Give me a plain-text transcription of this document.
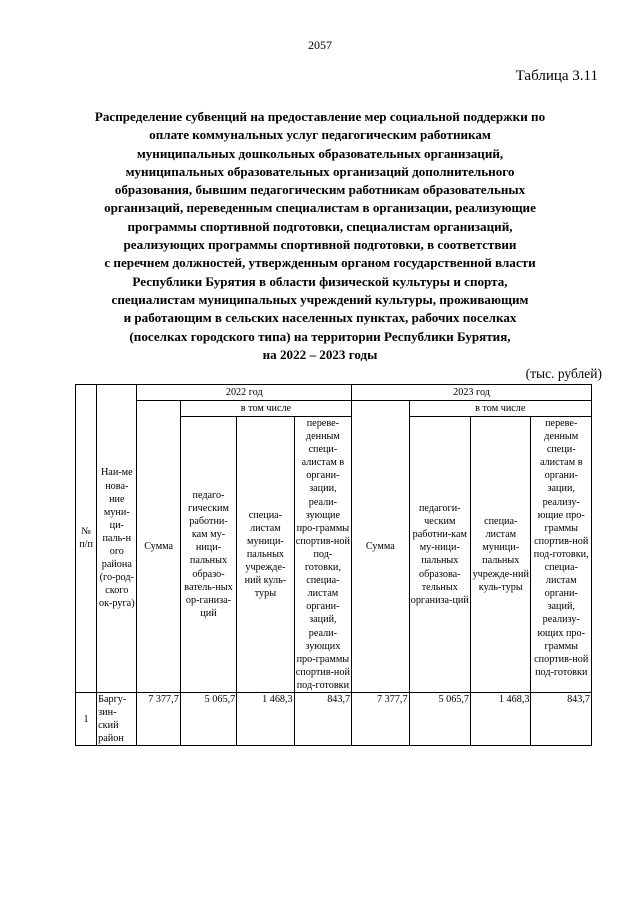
2057
Таблица 3.11
Распределение субвенций на предоставление мер социальной поддержки по
оплате коммунальных услуг педагогическим работникам
муниципальных дошкольных образовательных организаций,
муниципальных образовательных организаций дополнительного
образования, бывшим педагогическим работникам образовательных
организаций, переведенным специалистам в организации, реализующие
программы спортивной подготовки, специалистам организаций,
реализующих программы спортивной подготовки, в соответствии
с перечнем должностей, утвержденным органом государственной власти
Республики Бурятия в области физической культуры и спорта,
специалистам муниципальных учреждений культуры, проживающим
и работающим в сельских населенных пунктах, рабочих поселках
(поселках городского типа) на территории Республики Бурятия,
на 2022 – 2023 годы
(тыс. рублей)
№ п/п	Наи-ме нова-ние муни-ци-паль-н ого района (го-род-ского ок-руга)	2022 год				2023 год			
		Сумма	в том числе			Сумма	в том числе		
			педаго-гическим работни-кам му-ници-пальных образо-ватель-ных ор-ганиза-ций	специа-листам муници-пальных учрежде-ний куль-туры	переве-денным специ-алистам в органи-зации, реали-зующие про-граммы спортив-ной под-готовки, специа-листам органи-заций, реали-зующих про-граммы спортив-ной под-готовки		педагоги-ческим работни-кам му-ници-пальных образова-тельных организа-ций	специа-листам муници-пальных учрежде-ний куль-туры	переве-денным специ-алистам в органи-зации, реализу-ющие про-граммы спортив-ной под-готовки, специа-листам органи-заций, реализу-ющих про-граммы спортив-ной под-готовки
1	Баргу-зин-ский район	7 377,7	5 065,7	1 468,3	843,7	7 377,7	5 065,7	1 468,3	843,7
